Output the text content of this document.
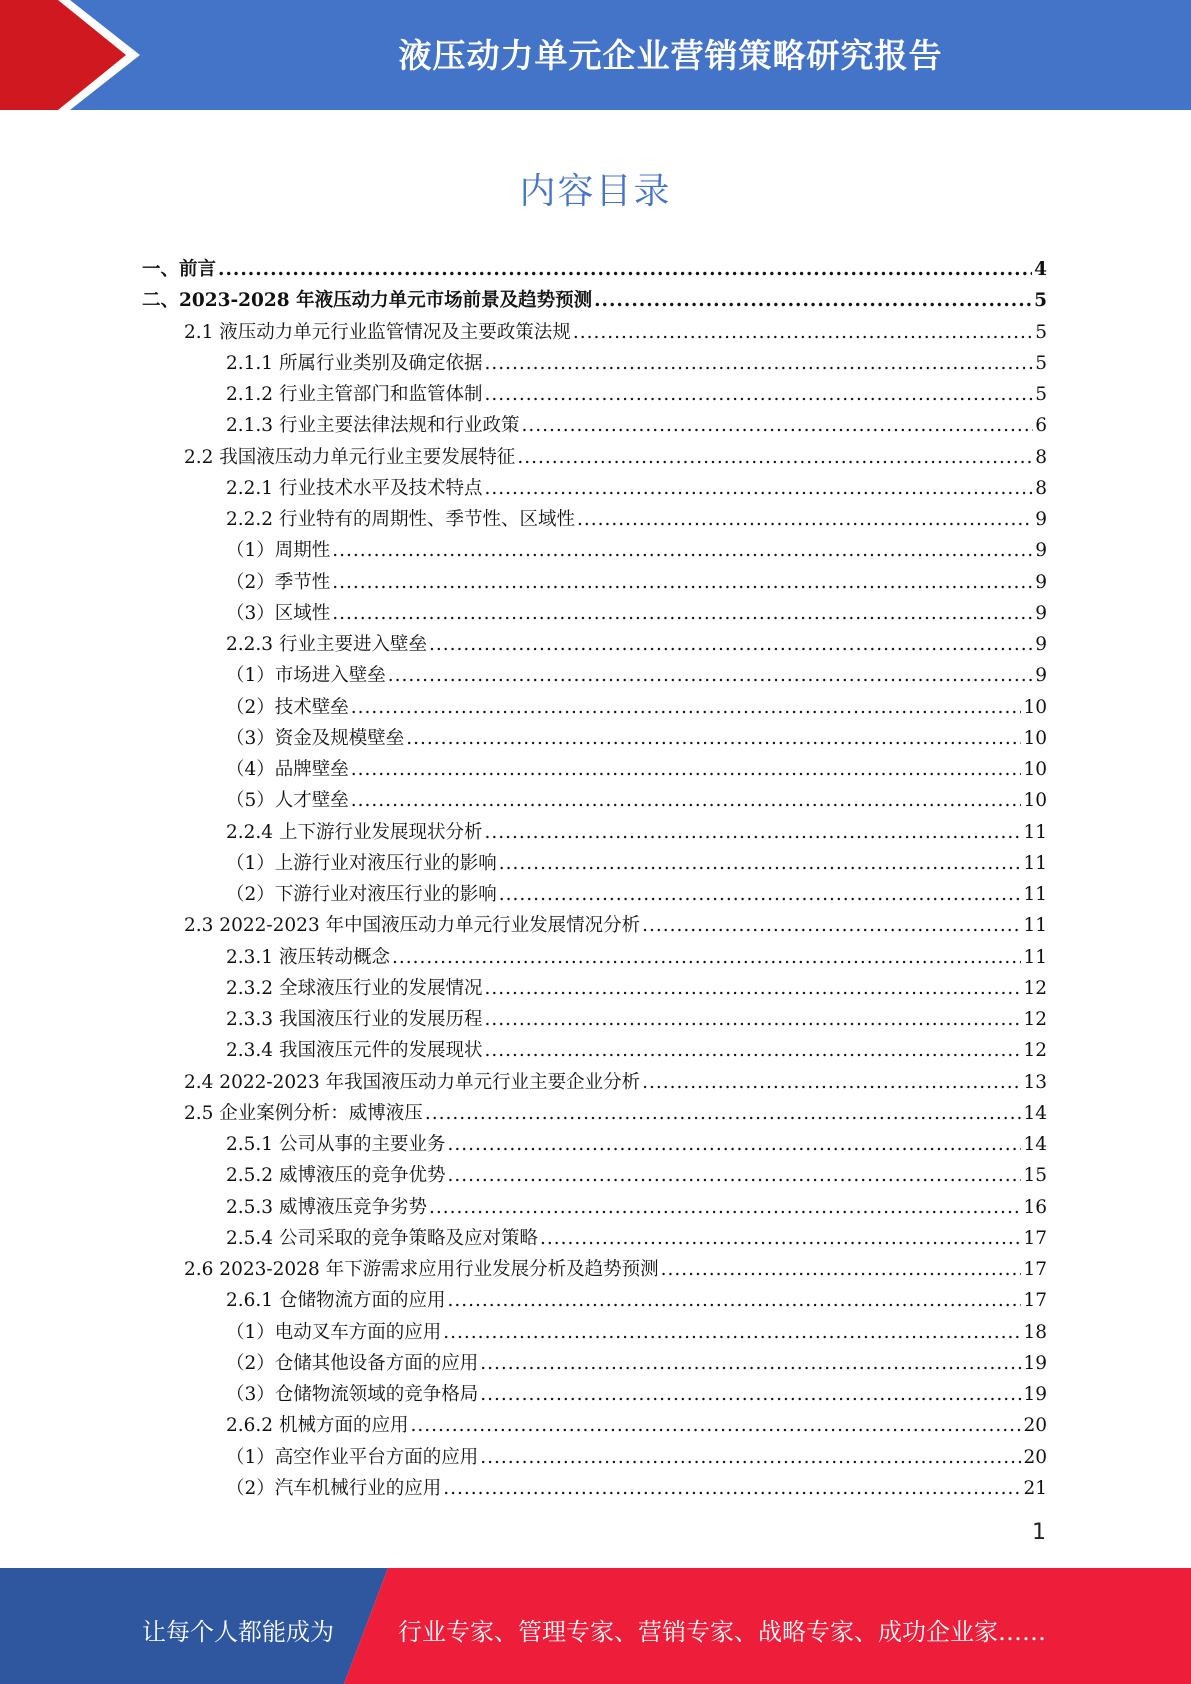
液压动力单元企业营销策略研究报告
内容目录
一、前言 .....	4
二、2023-2028 年液压动力单元市场前景及趋势预测 .....	5
2.1 液压动力单元行业监管情况及主要政策法规 .....	5
2.1.1 所属行业类别及确定依据 .....	5
2.1.2 行业主管部门和监管体制 .....	5
2.1.3 行业主要法律法规和行业政策 .....	6
2.2 我国液压动力单元行业主要发展特征 .....	8
2.2.1 行业技术水平及技术特点 .....	8
2.2.2 行业特有的周期性、季节性、区域性 .....	9
（1）周期性 .....	9
（2）季节性 .....	9
（3）区域性 .....	9
2.2.3 行业主要进入壁垒 .....	9
（1）市场进入壁垒 .....	9
（2）技术壁垒 .....	10
（3）资金及规模壁垒 .....	10
（4）品牌壁垒 .....	10
（5）人才壁垒 .....	10
2.2.4 上下游行业发展现状分析 .....	11
（1）上游行业对液压行业的影响 .....	11
（2）下游行业对液压行业的影响 .....	11
2.3 2022-2023 年中国液压动力单元行业发展情况分析 .....	11
2.3.1 液压转动概念 .....	11
2.3.2 全球液压行业的发展情况 .....	12
2.3.3 我国液压行业的发展历程 .....	12
2.3.4 我国液压元件的发展现状 .....	12
2.4 2022-2023 年我国液压动力单元行业主要企业分析 .....	13
2.5 企业案例分析：威博液压 .....	14
2.5.1 公司从事的主要业务 .....	14
2.5.2 威博液压的竞争优势 .....	15
2.5.3 威博液压竞争劣势 .....	16
2.5.4 公司采取的竞争策略及应对策略 .....	17
2.6 2023-2028 年下游需求应用行业发展分析及趋势预测 .....	17
2.6.1 仓储物流方面的应用 .....	17
（1）电动叉车方面的应用 .....	18
（2）仓储其他设备方面的应用 .....	19
（3）仓储物流领域的竞争格局 .....	19
2.6.2 机械方面的应用 .....	20
（1）高空作业平台方面的应用 .....	20
（2）汽车机械行业的应用 .....	21
1
让每个人都能成为	行业专家、管理专家、营销专家、战略专家、成功企业家……
